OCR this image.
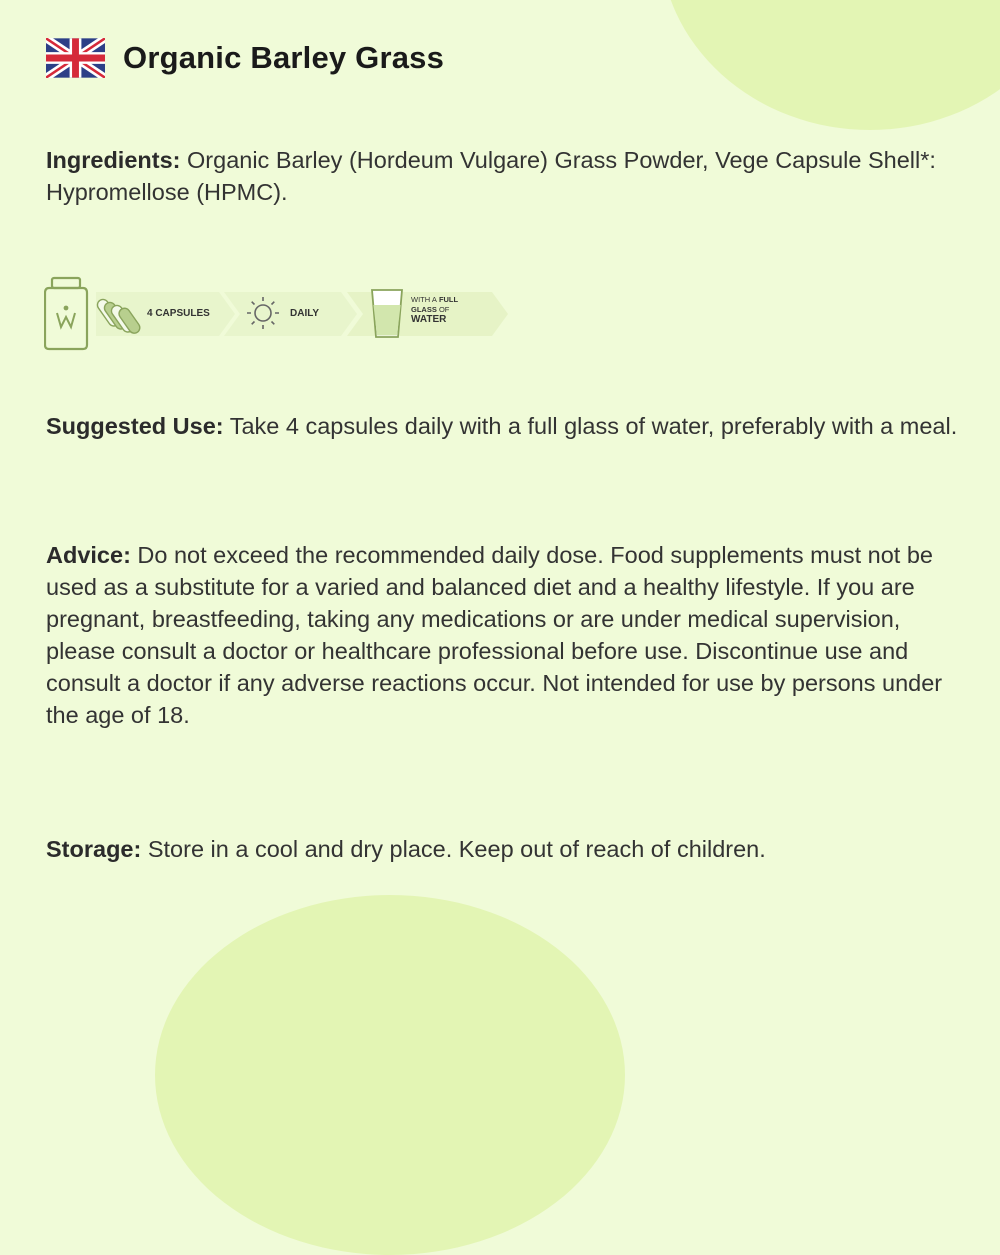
Organic Barley Grass

Ingredients: Organic Barley (Hordeum Vulgare) Grass Powder, Vege Capsule Shell*: Hypromellose (HPMC).

4 CAPSULES	DAILY
WITH A FULL
GLASS OF
WATER

Suggested Use: Take 4 capsules daily with a full glass of water, preferably with a meal.

Advice: Do not exceed the recommended daily dose. Food supplements must not be used as a substitute for a varied and balanced diet and a healthy lifestyle. If you are pregnant, breastfeeding, taking any medications or are under medical supervision, please consult a doctor or healthcare professional before use. Discontinue use and consult a doctor if any adverse reactions occur. Not intended for use by persons under the age of 18.

Storage: Store in a cool and dry place. Keep out of reach of children.
